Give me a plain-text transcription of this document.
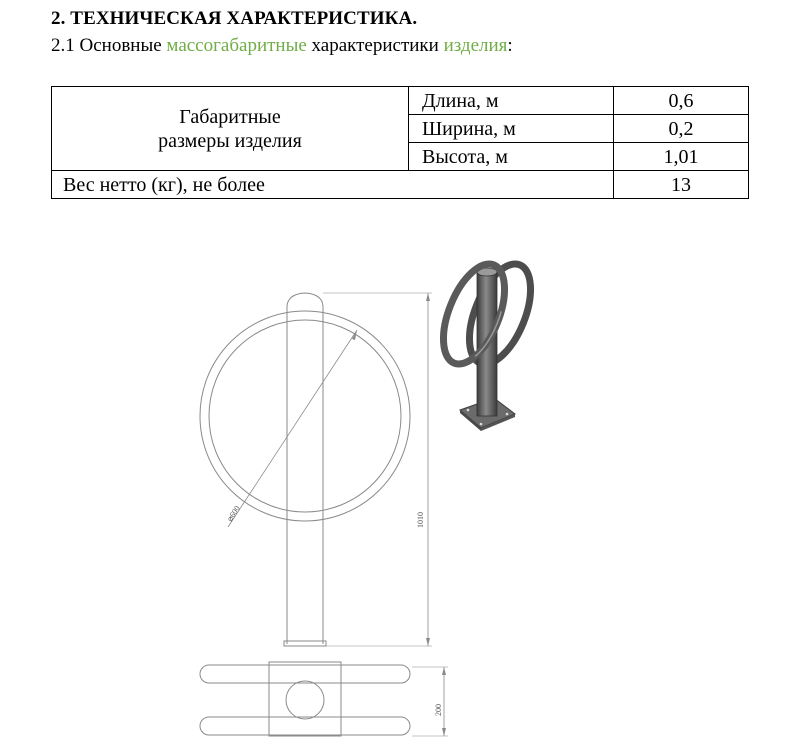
2. ТЕХНИЧЕСКАЯ ХАРАКТЕРИСТИКА.
2.1 Основные массогабаритные характеристики изделия:
Габаритные
размеры изделия	Длина, м	0,6
	Ширина, м	0,2
	Высота, м	1,01
Вес нетто (кг), не более		13
⌀600	1010
200
